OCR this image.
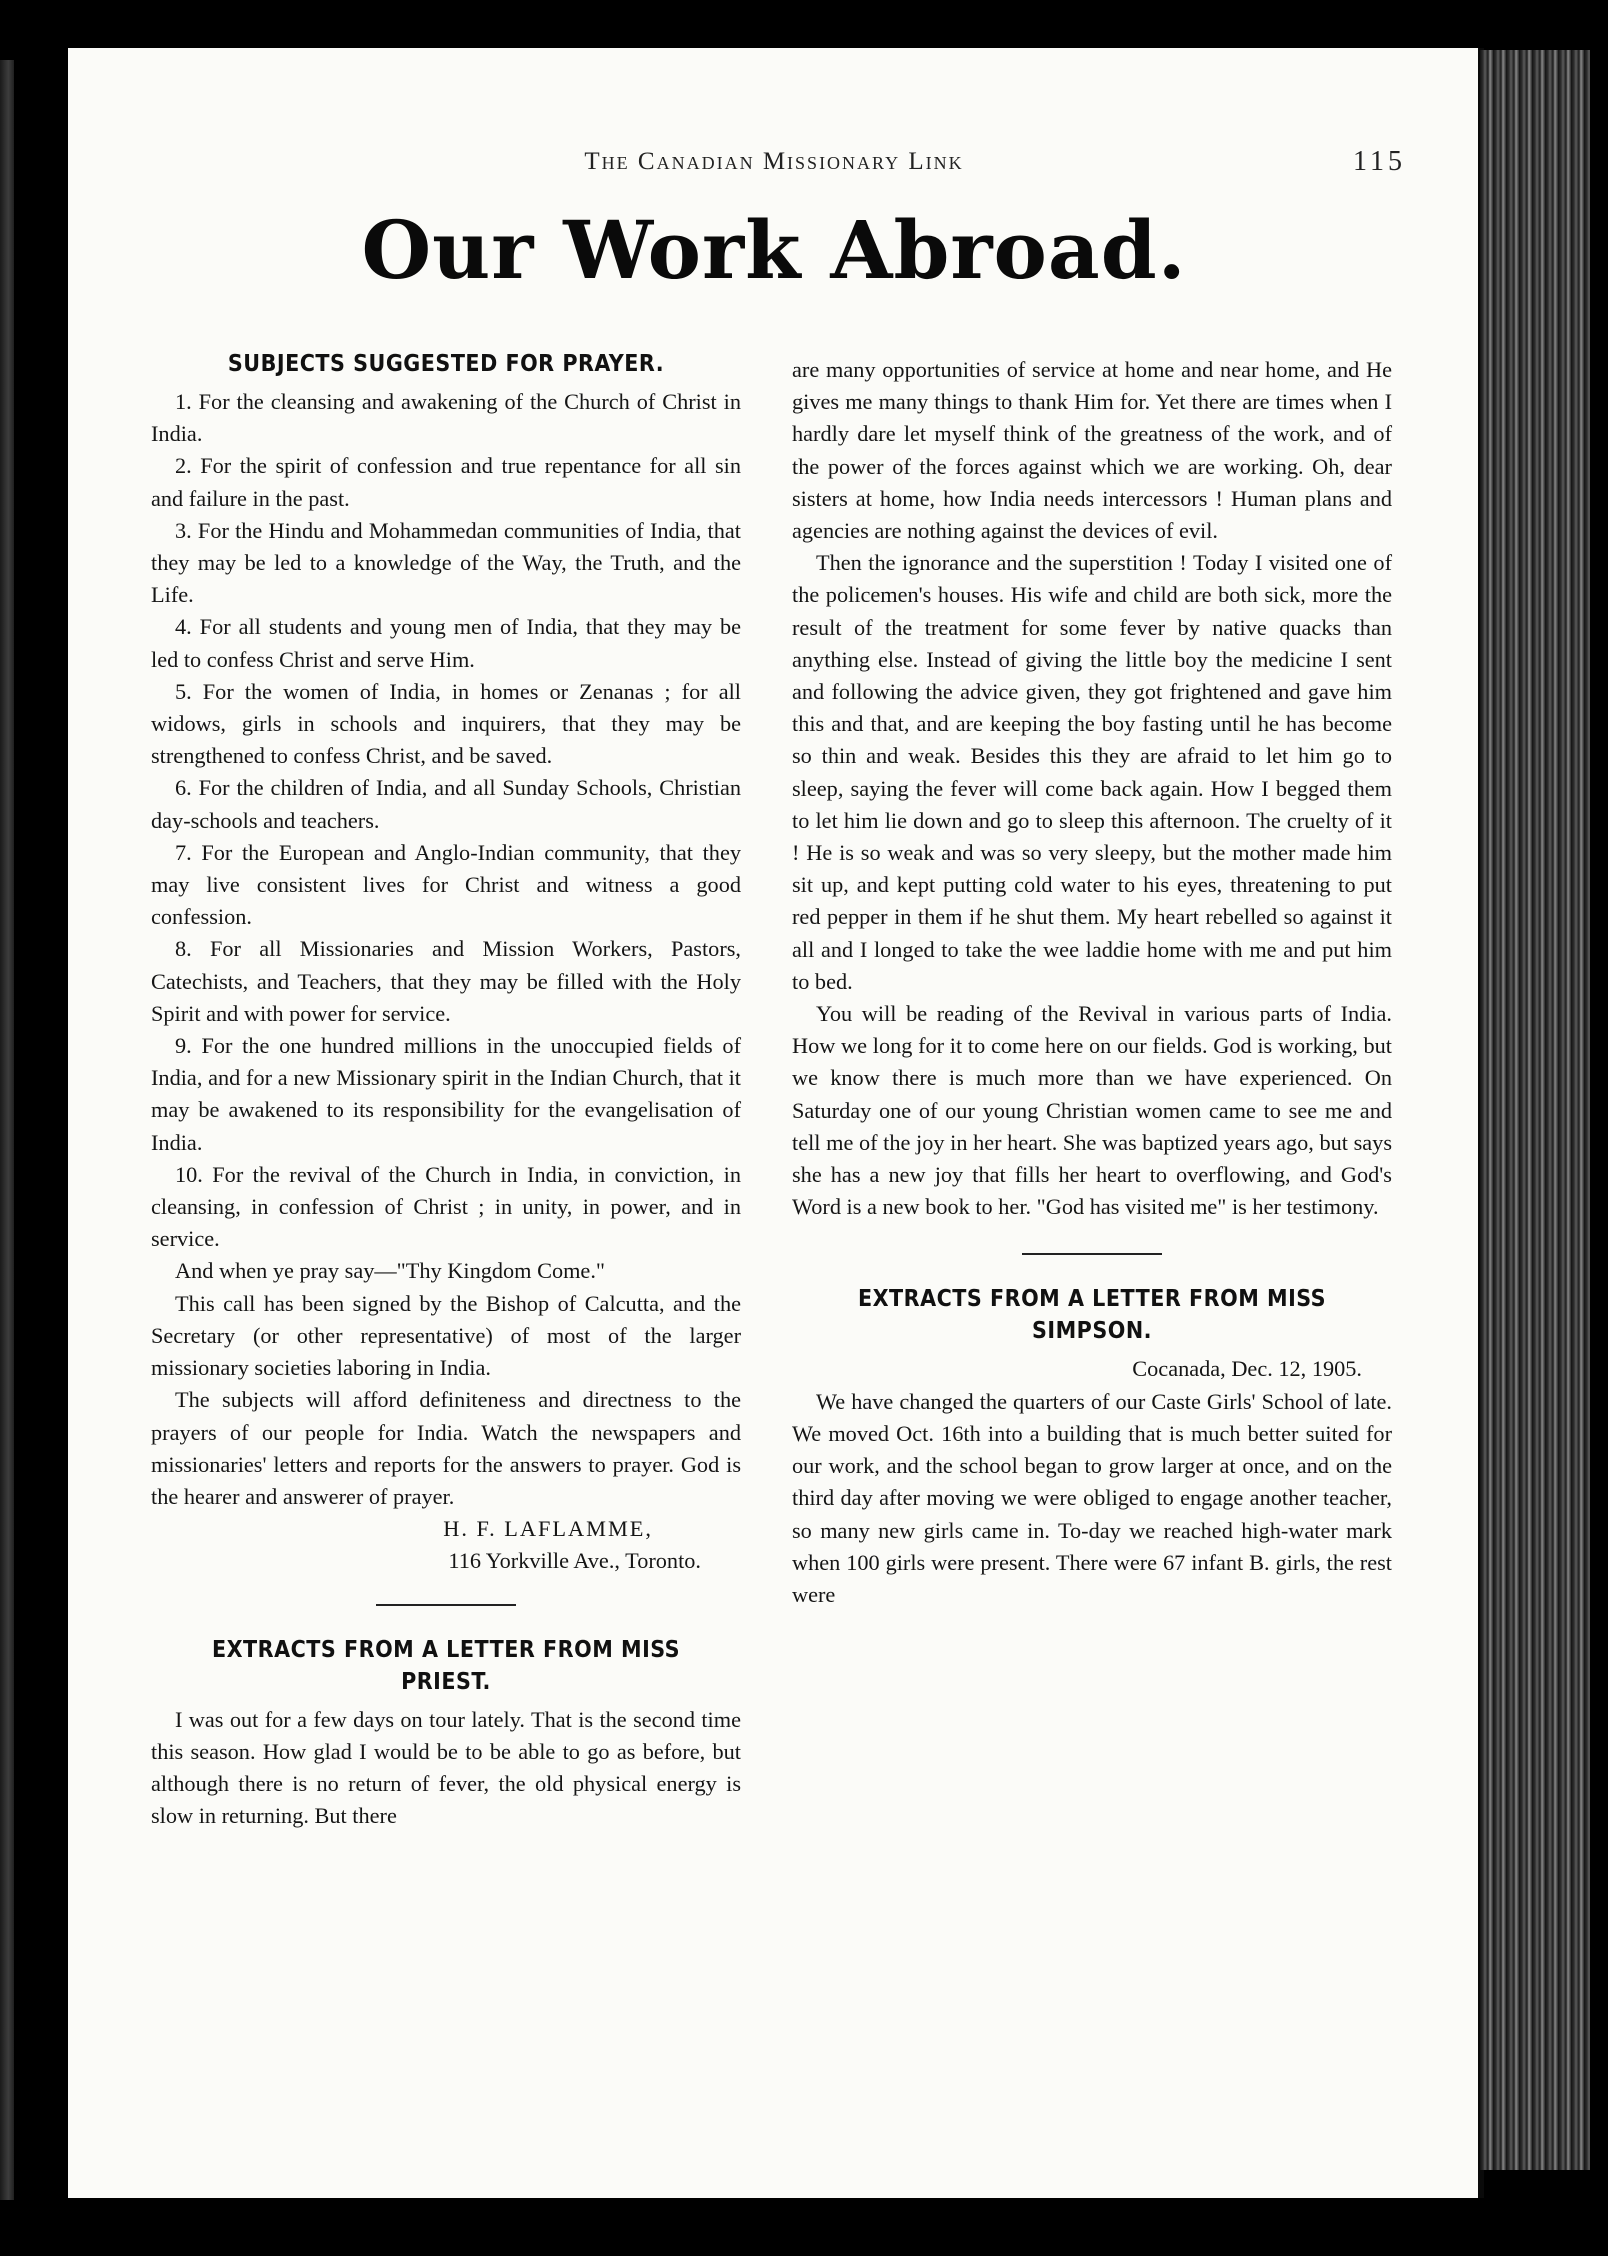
The Canadian Missionary Link	115
Our Work Abroad.
SUBJECTS SUGGESTED FOR PRAYER.

1. For the cleansing and awakening of the Church of Christ in India.

2. For the spirit of confession and true repentance for all sin and failure in the past.

3. For the Hindu and Mohammedan communities of India, that they may be led to a knowledge of the Way, the Truth, and the Life.

4. For all students and young men of India, that they may be led to confess Christ and serve Him.

5. For the women of India, in homes or Zenanas ; for all widows, girls in schools and inquirers, that they may be strengthened to confess Christ, and be saved.

6. For the children of India, and all Sunday Schools, Christian day-schools and teachers.

7. For the European and Anglo-Indian community, that they may live consistent lives for Christ and witness a good confession.

8. For all Missionaries and Mission Workers, Pastors, Catechists, and Teachers, that they may be filled with the Holy Spirit and with power for service.

9. For the one hundred millions in the unoccupied fields of India, and for a new Missionary spirit in the Indian Church, that it may be awakened to its responsibility for the evangelisation of India.

10. For the revival of the Church in India, in conviction, in cleansing, in confession of Christ ; in unity, in power, and in service.

And when ye pray say—"Thy Kingdom Come."

This call has been signed by the Bishop of Calcutta, and the Secretary (or other representative) of most of the larger missionary societies laboring in India.

The subjects will afford definiteness and directness to the prayers of our people for India. Watch the newspapers and missionaries' letters and reports for the answers to prayer. God is the hearer and answerer of prayer.

H. F. LAFLAMME,

116 Yorkville Ave., Toronto.

EXTRACTS FROM A LETTER FROM MISS PRIEST.

I was out for a few days on tour lately. That is the second time this season. How glad I would be to be able to go as before, but although there is no return of fever, the old physical energy is slow in returning. But there

are many opportunities of service at home and near home, and He gives me many things to thank Him for. Yet there are times when I hardly dare let myself think of the greatness of the work, and of the power of the forces against which we are working. Oh, dear sisters at home, how India needs intercessors ! Human plans and agencies are nothing against the devices of evil.

Then the ignorance and the superstition ! Today I visited one of the policemen's houses. His wife and child are both sick, more the result of the treatment for some fever by native quacks than anything else. Instead of giving the little boy the medicine I sent and following the advice given, they got frightened and gave him this and that, and are keeping the boy fasting until he has become so thin and weak. Besides this they are afraid to let him go to sleep, saying the fever will come back again. How I begged them to let him lie down and go to sleep this afternoon. The cruelty of it ! He is so weak and was so very sleepy, but the mother made him sit up, and kept putting cold water to his eyes, threatening to put red pepper in them if he shut them. My heart rebelled so against it all and I longed to take the wee laddie home with me and put him to bed.

You will be reading of the Revival in various parts of India. How we long for it to come here on our fields. God is working, but we know there is much more than we have experienced. On Saturday one of our young Christian women came to see me and tell me of the joy in her heart. She was baptized years ago, but says she has a new joy that fills her heart to overflowing, and God's Word is a new book to her. "God has visited me" is her testimony.

EXTRACTS FROM A LETTER FROM MISS SIMPSON.

Cocanada, Dec. 12, 1905.

We have changed the quarters of our Caste Girls' School of late. We moved Oct. 16th into a building that is much better suited for our work, and the school began to grow larger at once, and on the third day after moving we were obliged to engage another teacher, so many new girls came in. To-day we reached high-water mark when 100 girls were present. There were 67 infant B. girls, the rest were
